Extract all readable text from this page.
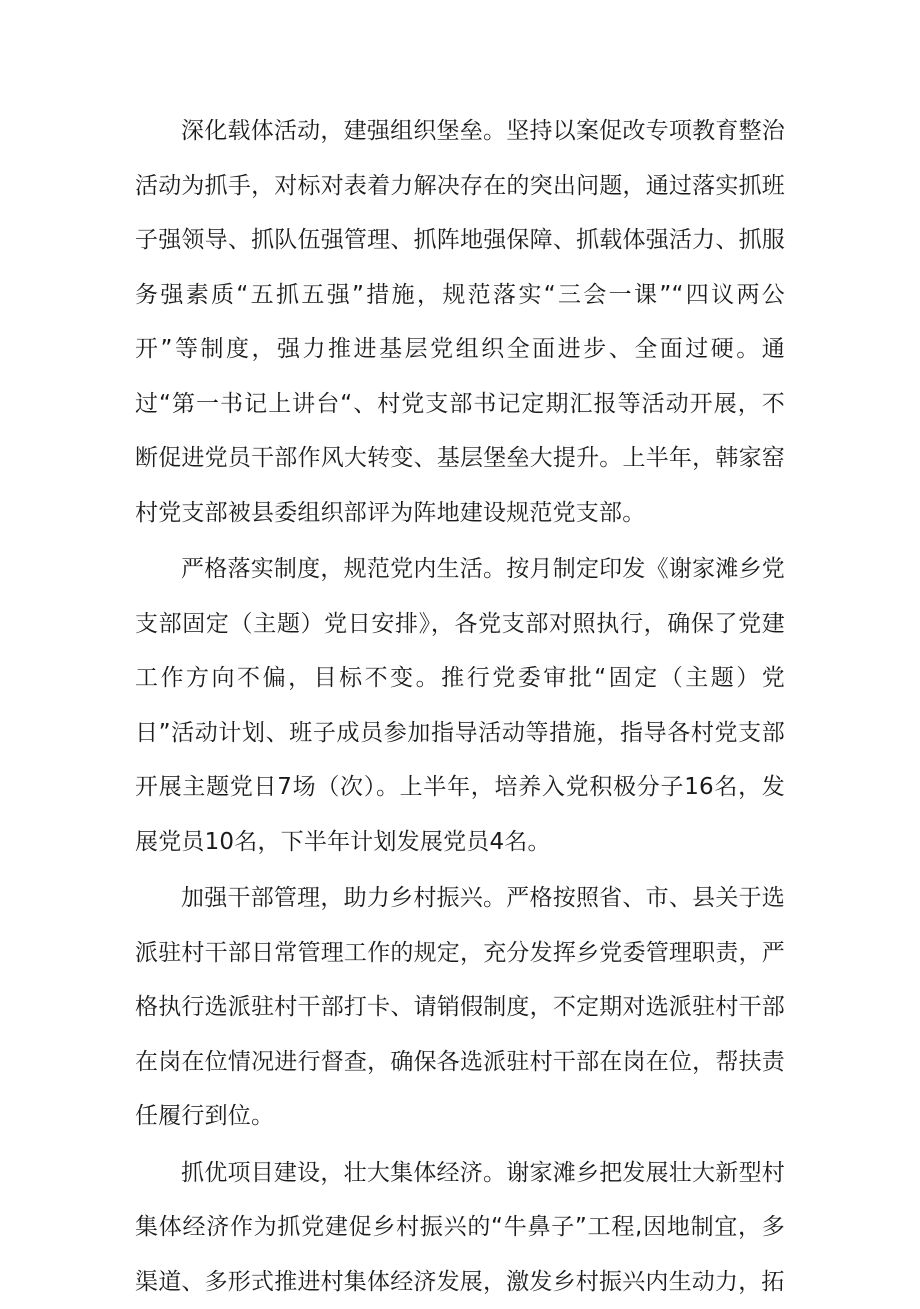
深化载体活动，建强组织堡垒。坚持以案促改专项教育整治活动为抓手，对标对表着力解决存在的突出问题，通过落实抓班子强领导、抓队伍强管理、抓阵地强保障、抓载体强活力、抓服务强素质“五抓五强”措施，规范落实“三会一课”“四议两公开”等制度，强力推进基层党组织全面进步、全面过硬。通过“第一书记上讲台“、村党支部书记定期汇报等活动开展，不断促进党员干部作风大转变、基层堡垒大提升。上半年，韩家窑村党支部被县委组织部评为阵地建设规范党支部。

严格落实制度，规范党内生活。按月制定印发《谢家滩乡党支部固定（主题）党日安排》，各党支部对照执行，确保了党建工作方向不偏，目标不变。推行党委审批“固定（主题）党日”活动计划、班子成员参加指导活动等措施，指导各村党支部开展主题党日7场（次）。上半年，培养入党积极分子16名，发展党员10名，下半年计划发展党员4名。

加强干部管理，助力乡村振兴。严格按照省、市、县关于选派驻村干部日常管理工作的规定，充分发挥乡党委管理职责，严格执行选派驻村干部打卡、请销假制度，不定期对选派驻村干部在岗在位情况进行督查，确保各选派驻村干部在岗在位，帮扶责任履行到位。

抓优项目建设，壮大集体经济。谢家滩乡把发展壮大新型村集体经济作为抓党建促乡村振兴的“牛鼻子”工程,因地制宜，多渠道、多形式推进村集体经济发展，激发乡村振兴内生动力，拓
